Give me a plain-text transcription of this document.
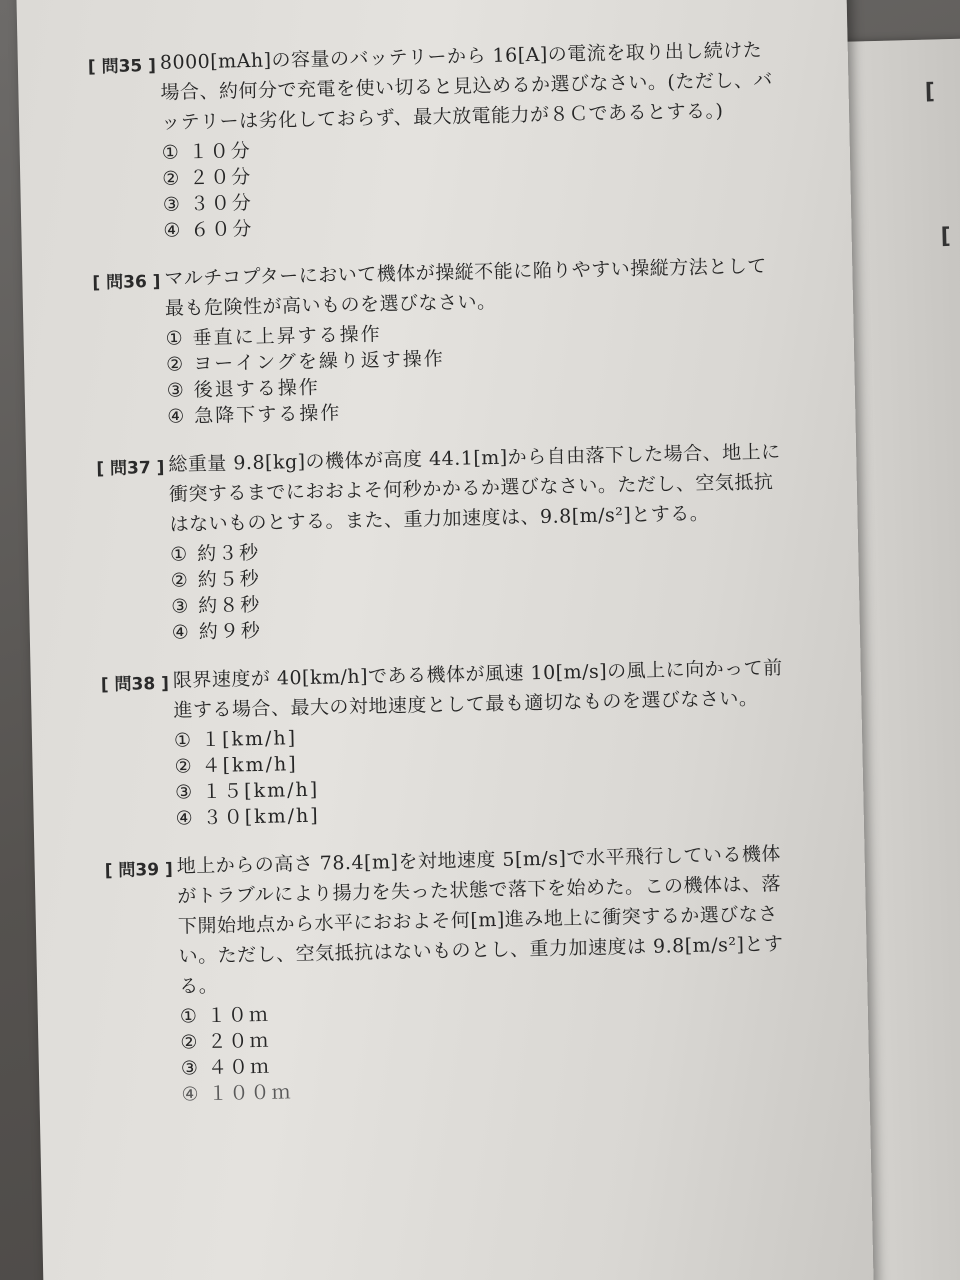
[
[
[ 問35 ] 8000[mAh]の容量のバッテリーから 16[A]の電流を取り出し続けた場合、約何分で充電を使い切ると見込めるか選びなさい。(ただし、バッテリーは劣化しておらず、最大放電能力が８Ｃであるとする。)
① １０分
② ２０分
③ ３０分
④ ６０分
[ 問36 ] マルチコプターにおいて機体が操縦不能に陥りやすい操縦方法として最も危険性が高いものを選びなさい。
① 垂直に上昇する操作
② ヨーイングを繰り返す操作
③ 後退する操作
④ 急降下する操作
[ 問37 ] 総重量 9.8[kg]の機体が高度 44.1[m]から自由落下した場合、地上に衝突するまでにおおよそ何秒かかるか選びなさい。ただし、空気抵抗はないものとする。また、重力加速度は、9.8[m/s²]とする。
① 約３秒
② 約５秒
③ 約８秒
④ 約９秒
[ 問38 ] 限界速度が 40[km/h]である機体が風速 10[m/s]の風上に向かって前進する場合、最大の対地速度として最も適切なものを選びなさい。
① １[km/h]
② ４[km/h]
③ １５[km/h]
④ ３０[km/h]
[ 問39 ] 地上からの高さ 78.4[m]を対地速度 5[m/s]で水平飛行している機体がトラブルにより揚力を失った状態で落下を始めた。この機体は、落下開始地点から水平におおよそ何[m]進み地上に衝突するか選びなさい。ただし、空気抵抗はないものとし、重力加速度は 9.8[m/s²]とする。
① １０ｍ
② ２０ｍ
③ ４０ｍ
④ １００ｍ
